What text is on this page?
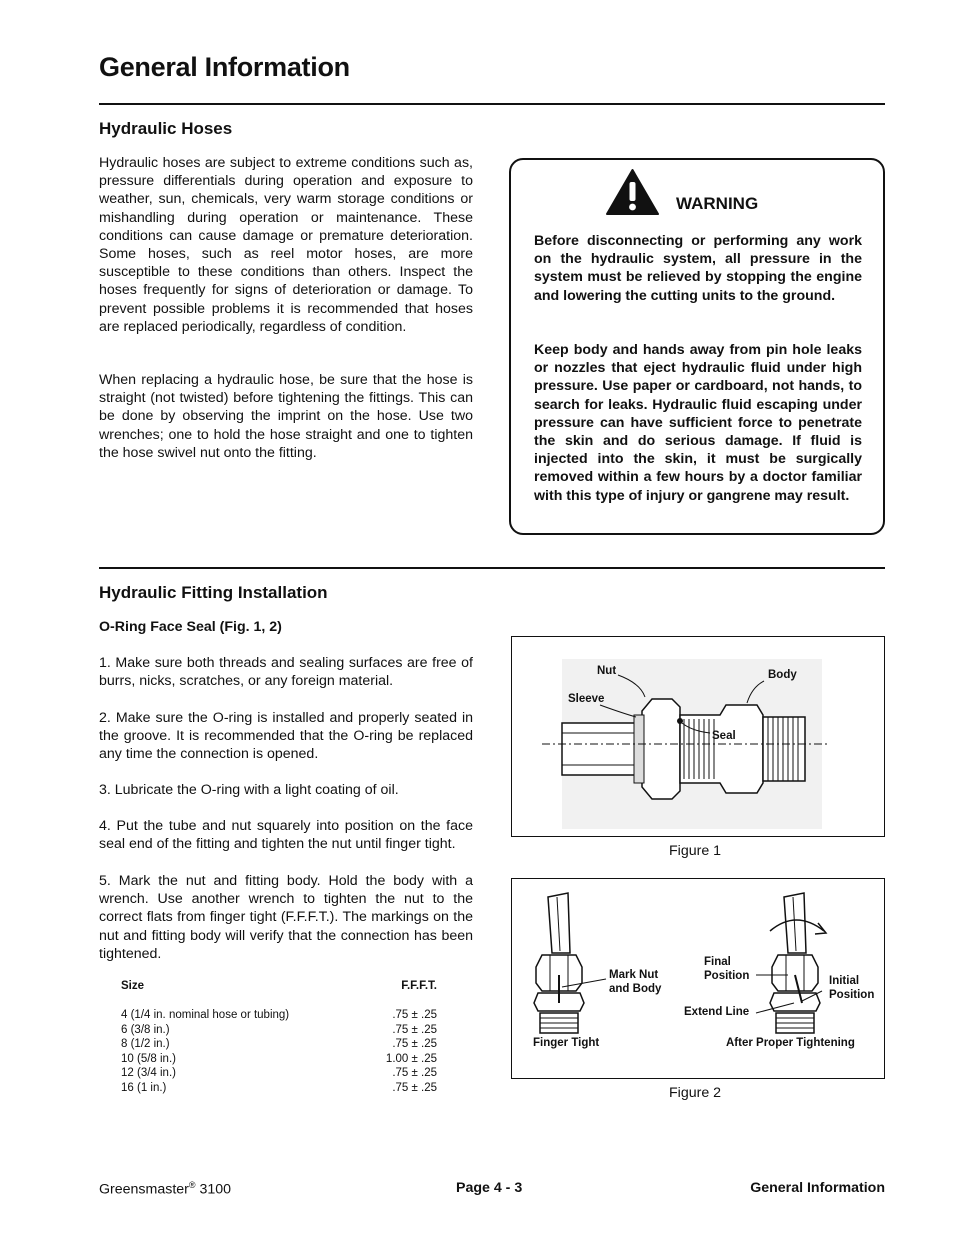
General Information
Hydraulic Hoses

Hydraulic hoses are subject to extreme conditions such as, pressure differentials during operation and exposure to weather, sun, chemicals, very warm storage conditions or mishandling during operation or maintenance. These conditions can cause damage or premature deterioration. Some hoses, such as reel motor hoses, are more susceptible to these conditions than others. Inspect the hoses frequently for signs of deterioration or damage. To prevent possible problems it is recommended that hoses are replaced periodically, regardless of condition.

When replacing a hydraulic hose, be sure that the hose is straight (not twisted) before tightening the fittings. This can be done by observing the imprint on the hose. Use two wrenches; one to hold the hose straight and one to tighten the hose swivel nut onto the fitting.

WARNING

Before disconnecting or performing any work on the hydraulic system, all pressure in the system must be relieved by stopping the engine and lowering the cutting units to the ground.

Keep body and hands away from pin hole leaks or nozzles that eject hydraulic fluid under high pressure. Use paper or cardboard, not hands, to search for leaks. Hydraulic fluid escaping under pressure can have sufficient force to penetrate the skin and do serious damage. If fluid is injected into the skin, it must be surgically removed within a few hours by a doctor familiar with this type of injury or gangrene may result.

Hydraulic Fitting Installation
O-Ring Face Seal (Fig. 1, 2)

1. Make sure both threads and sealing surfaces are free of burrs, nicks, scratches, or any foreign material.

2. Make sure the O-ring is installed and properly seated in the groove. It is recommended that the O-ring be replaced any time the connection is opened.

3. Lubricate the O-ring with a light coating of oil.

4. Put the tube and nut squarely into position on the face seal end of the fitting and tighten the nut until finger tight.

5. Mark the nut and fitting body. Hold the body with a wrench. Use another wrench to tighten the nut to the correct flats from finger tight (F.F.F.T.). The markings on the nut and fitting body will verify that the connection has been tightened.

Size	F.F.F.T.
4 (1/4 in. nominal hose or tubing)	.75 ± .25
6 (3/8 in.)	.75 ± .25
8 (1/2 in.)	.75 ± .25
10 (5/8 in.)	1.00 ± .25
12 (3/4 in.)	.75 ± .25
16 (1 in.)	.75 ± .25
Nut	Body
Sleeve
Seal
Figure 1
Mark Nut
and Body
Final
Position	Initial
Position
Extend Line
Finger Tight	After Proper Tightening
Figure 2
Greensmaster® 3100	Page 4 - 3	General Information
